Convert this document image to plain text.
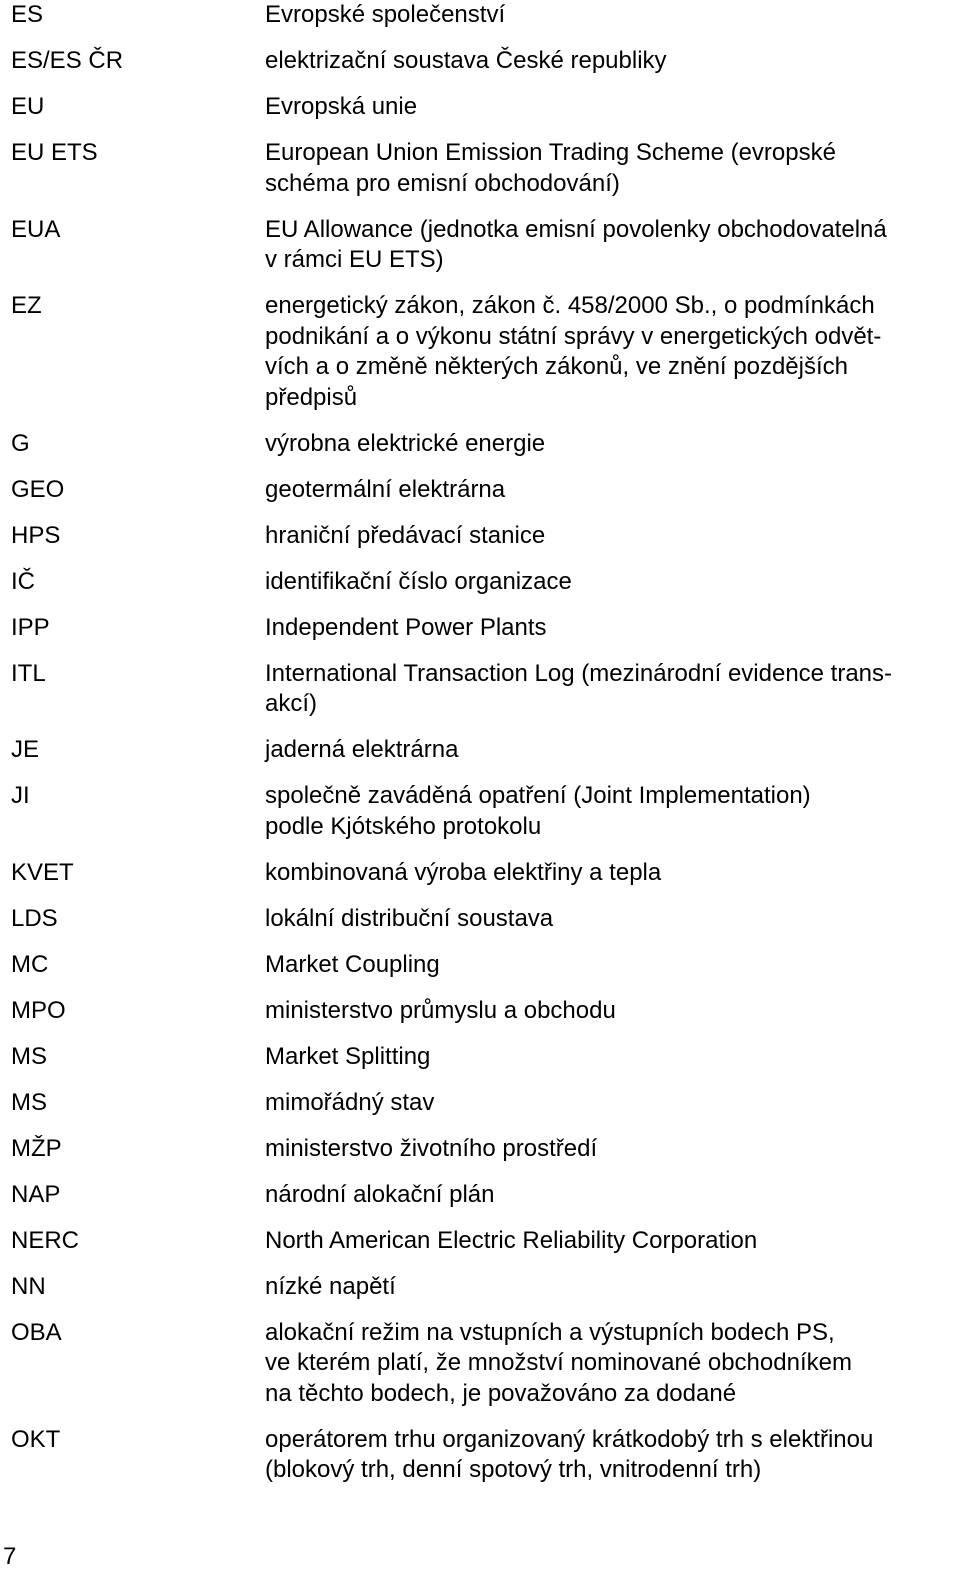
ES	Evropské společenství
ES/ES ČR	elektrizační soustava České republiky
EU	Evropská unie
EU ETS	European Union Emission Trading Scheme (evropské
schéma pro emisní obchodování)
EUA	EU Allowance (jednotka emisní povolenky obchodovatelná
v rámci EU ETS)
EZ	energetický zákon, zákon č. 458/2000 Sb., o podmínkách
podnikání a o výkonu státní správy v energetických odvět-
vích a o změně některých zákonů, ve znění pozdějších
předpisů
G	výrobna elektrické energie
GEO	geotermální elektrárna
HPS	hraniční předávací stanice
IČ	identifikační číslo organizace
IPP	Independent Power Plants
ITL	International Transaction Log (mezinárodní evidence trans-
akcí)
JE	jaderná elektrárna
JI	společně zaváděná opatření (Joint Implementation)
podle Kjótského protokolu
KVET	kombinovaná výroba elektřiny a tepla
LDS	lokální distribuční soustava
MC	Market Coupling
MPO	ministerstvo průmyslu a obchodu
MS	Market Splitting
MS	mimořádný stav
MŽP	ministerstvo životního prostředí
NAP	národní alokační plán
NERC	North American Electric Reliability Corporation
NN	nízké napětí
OBA	alokační režim na vstupních a výstupních bodech PS,
ve kterém platí, že množství nominované obchodníkem
na těchto bodech, je považováno za dodané
OKT	operátorem trhu organizovaný krátkodobý trh s elektřinou
(blokový trh, denní spotový trh, vnitrodenní trh)
7
